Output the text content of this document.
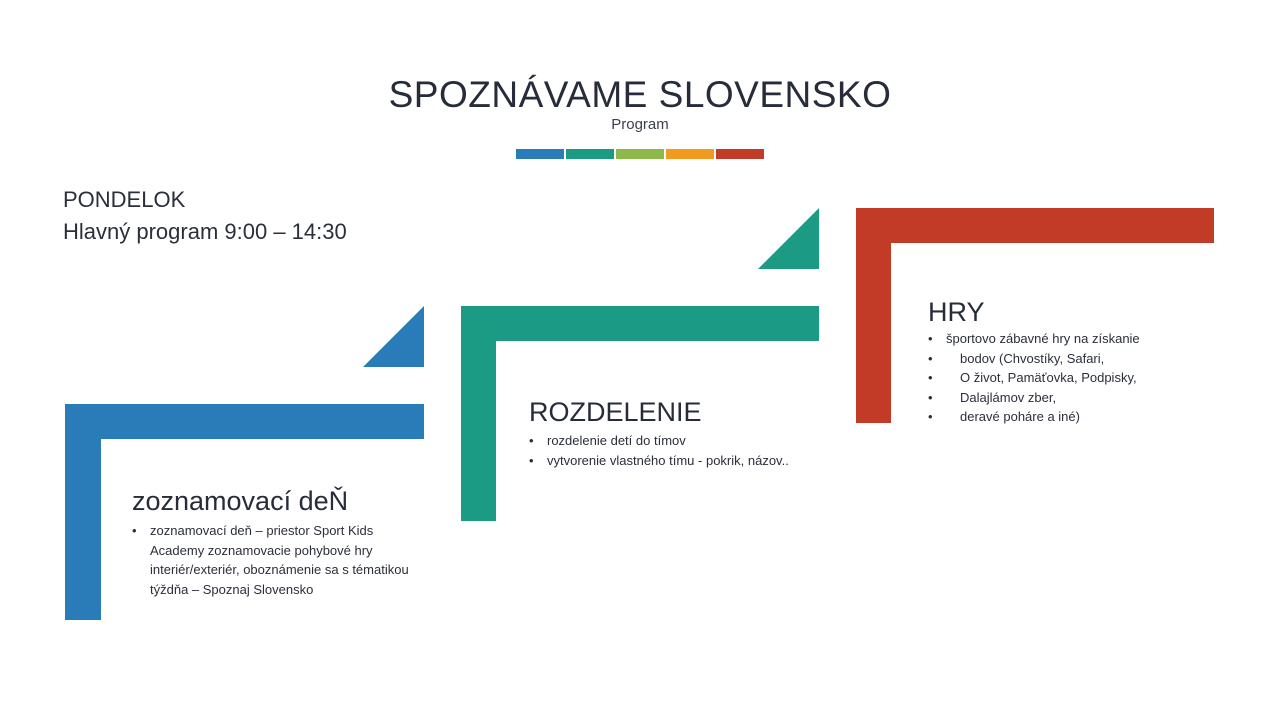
SPOZNÁVAME SLOVENSKO
Program
PONDELOK
Hlavný program 9:00 – 14:30
zoznamovací deŇ
• zoznamovací deň – priestor Sport Kids Academy zoznamovacie pohybové hry interiér/exteriér, oboznámenie sa s tématikou týždňa – Spoznaj Slovensko
ROZDELENIE
• rozdelenie detí do tímov
• vytvorenie vlastného tímu - pokrik, názov..
HRY
• športovo zábavné hry na získanie
• bodov (Chvostíky, Safari,
• O život, Pamäťovka, Podpisky,
• Dalajlámov zber,
• deravé poháre a iné)
